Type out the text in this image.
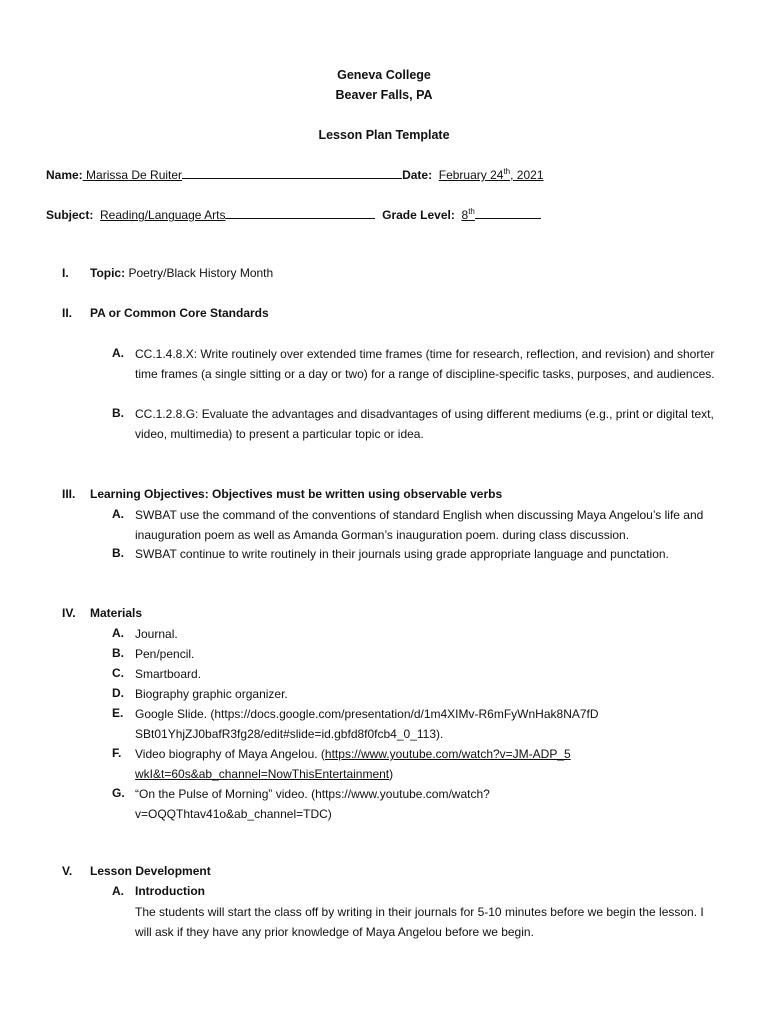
Geneva College
Beaver Falls, PA
Lesson Plan Template
Name: Marissa De Ruiter	Date: February 24th, 2021
Subject: Reading/Language Arts	Grade Level: 8th
I. Topic: Poetry/Black History Month
II. PA or Common Core Standards
A. CC.1.4.8.X: Write routinely over extended time frames (time for research, reflection, and revision) and shorter time frames (a single sitting or a day or two) for a range of discipline-specific tasks, purposes, and audiences.
B. CC.1.2.8.G: Evaluate the advantages and disadvantages of using different mediums (e.g., print or digital text, video, multimedia) to present a particular topic or idea.
III. Learning Objectives: Objectives must be written using observable verbs
A. SWBAT use the command of the conventions of standard English when discussing Maya Angelou’s life and inauguration poem as well as Amanda Gorman’s inauguration poem. during class discussion.
B. SWBAT continue to write routinely in their journals using grade appropriate language and punctation.
IV. Materials
A. Journal.
B. Pen/pencil.
C. Smartboard.
D. Biography graphic organizer.
E. Google Slide. (https://docs.google.com/presentation/d/1m4XIMv-R6mFyWnHak8NA7fDSBt01YhjZJ0bafR3fg28/edit#slide=id.gbfd8f0fcb4_0_113).
F. Video biography of Maya Angelou. (https://www.youtube.com/watch?v=JM-ADP_5wkI&t=60s&ab_channel=NowThisEntertainment)
G. “On the Pulse of Morning” video. (https://www.youtube.com/watch?v=OQQThtav41o&ab_channel=TDC)
V. Lesson Development
A. Introduction
The students will start the class off by writing in their journals for 5-10 minutes before we begin the lesson. I will ask if they have any prior knowledge of Maya Angelou before we begin.
